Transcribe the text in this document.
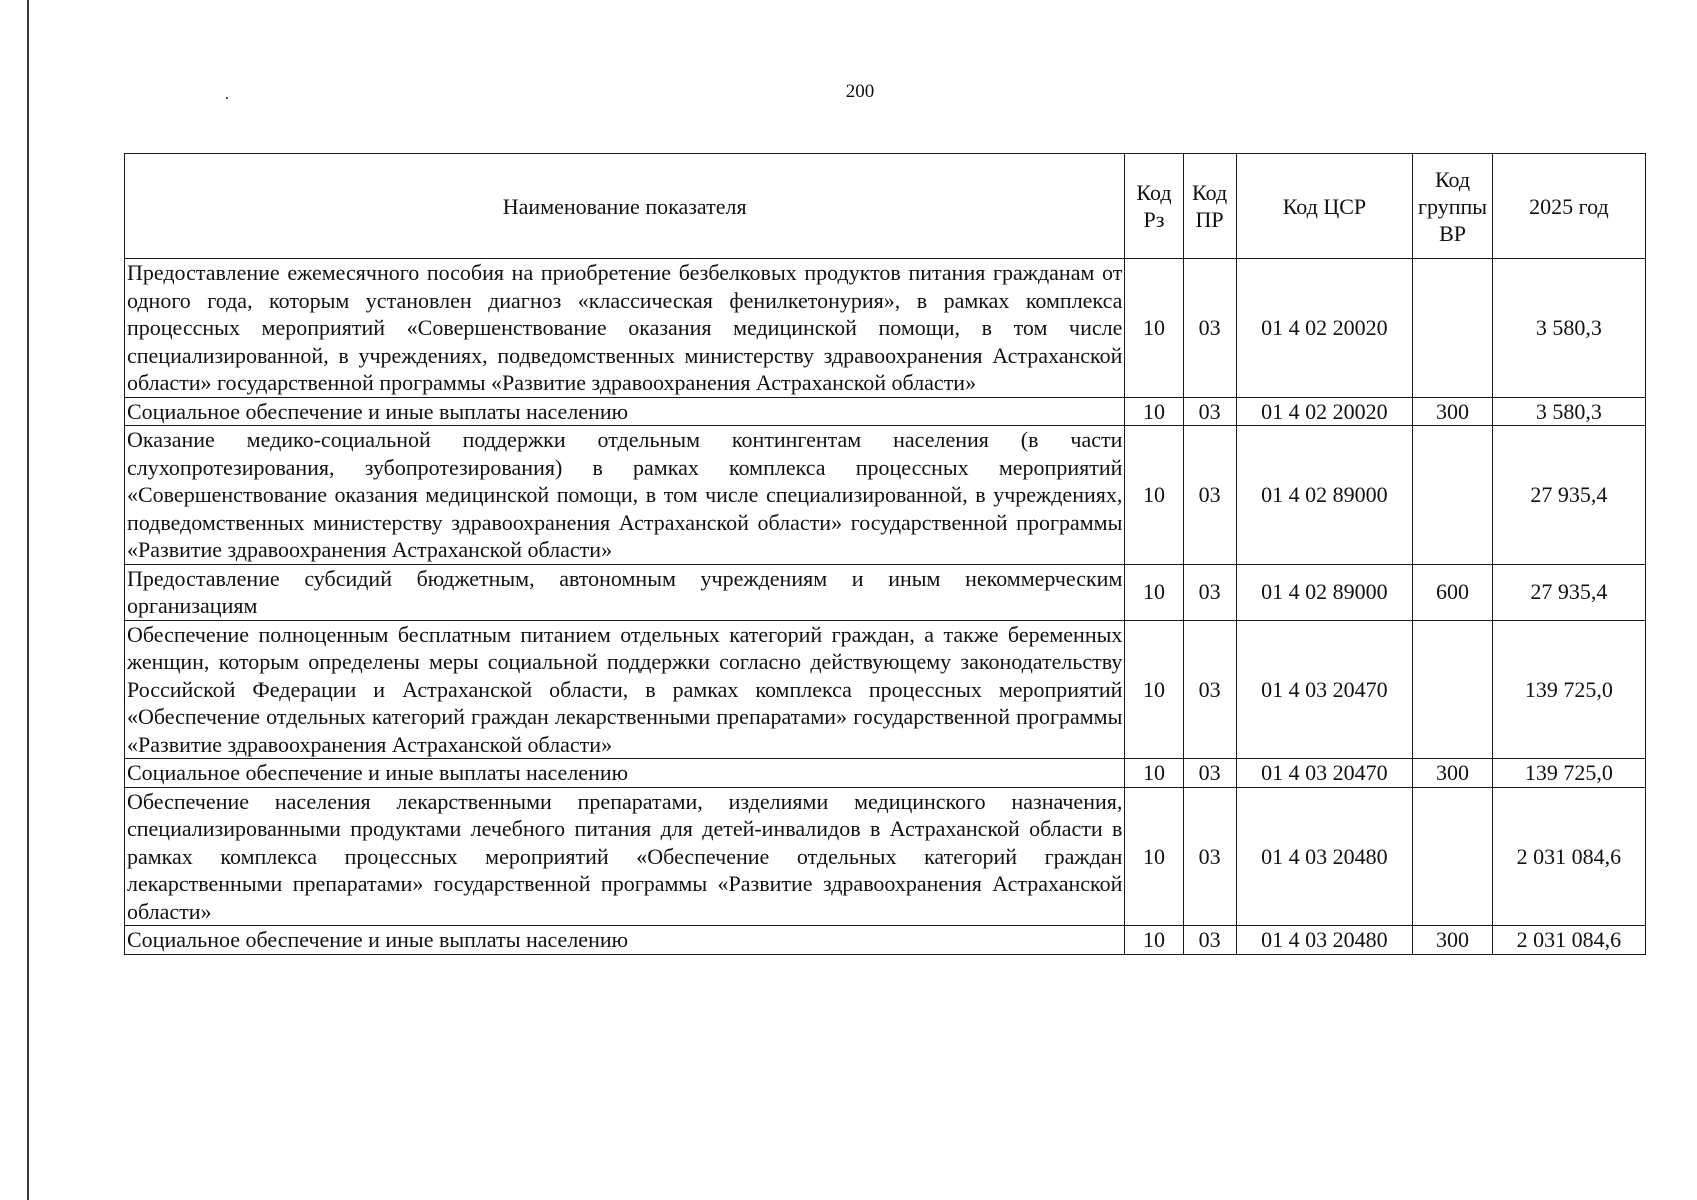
200
Наименование показателя	Код Рз	Код ПР	Код ЦСР	Код группы ВР	2025 год
Предоставление ежемесячного пособия на приобретение безбелковых продуктов питания гражданам от одного года, которым установлен диагноз «классическая фенилкетонурия», в рамках комплекса процессных мероприятий «Совершенствование оказания медицинской помощи, в том числе специализированной, в учреждениях, подведомственных министерству здравоохранения Астраханской области» государственной программы «Развитие здравоохранения Астраханской области»	10	03	01 4 02 20020		3 580,3
Социальное обеспечение и иные выплаты населению	10	03	01 4 02 20020	300	3 580,3
Оказание медико-социальной поддержки отдельным контингентам населения (в части слухопротезирования, зубопротезирования) в рамках комплекса процессных мероприятий «Совершенствование оказания медицинской помощи, в том числе специализированной, в учреждениях, подведомственных министерству здравоохранения Астраханской области» государственной программы «Развитие здравоохранения Астраханской области»	10	03	01 4 02 89000		27 935,4
Предоставление субсидий бюджетным, автономным учреждениям и иным некоммерческим организациям	10	03	01 4 02 89000	600	27 935,4
Обеспечение полноценным бесплатным питанием отдельных категорий граждан, а также беременных женщин, которым определены меры социальной поддержки согласно действующему законодательству Российской Федерации и Астраханской области, в рамках комплекса процессных мероприятий «Обеспечение отдельных категорий граждан лекарственными препаратами» государственной программы «Развитие здравоохранения Астраханской области»	10	03	01 4 03 20470		139 725,0
Социальное обеспечение и иные выплаты населению	10	03	01 4 03 20470	300	139 725,0
Обеспечение населения лекарственными препаратами, изделиями медицинского назначения, специализированными продуктами лечебного питания для детей-инвалидов в Астраханской области в рамках комплекса процессных мероприятий «Обеспечение отдельных категорий граждан лекарственными препаратами» государственной программы «Развитие здравоохранения Астраханской области»	10	03	01 4 03 20480		2 031 084,6
Социальное обеспечение и иные выплаты населению	10	03	01 4 03 20480	300	2 031 084,6
